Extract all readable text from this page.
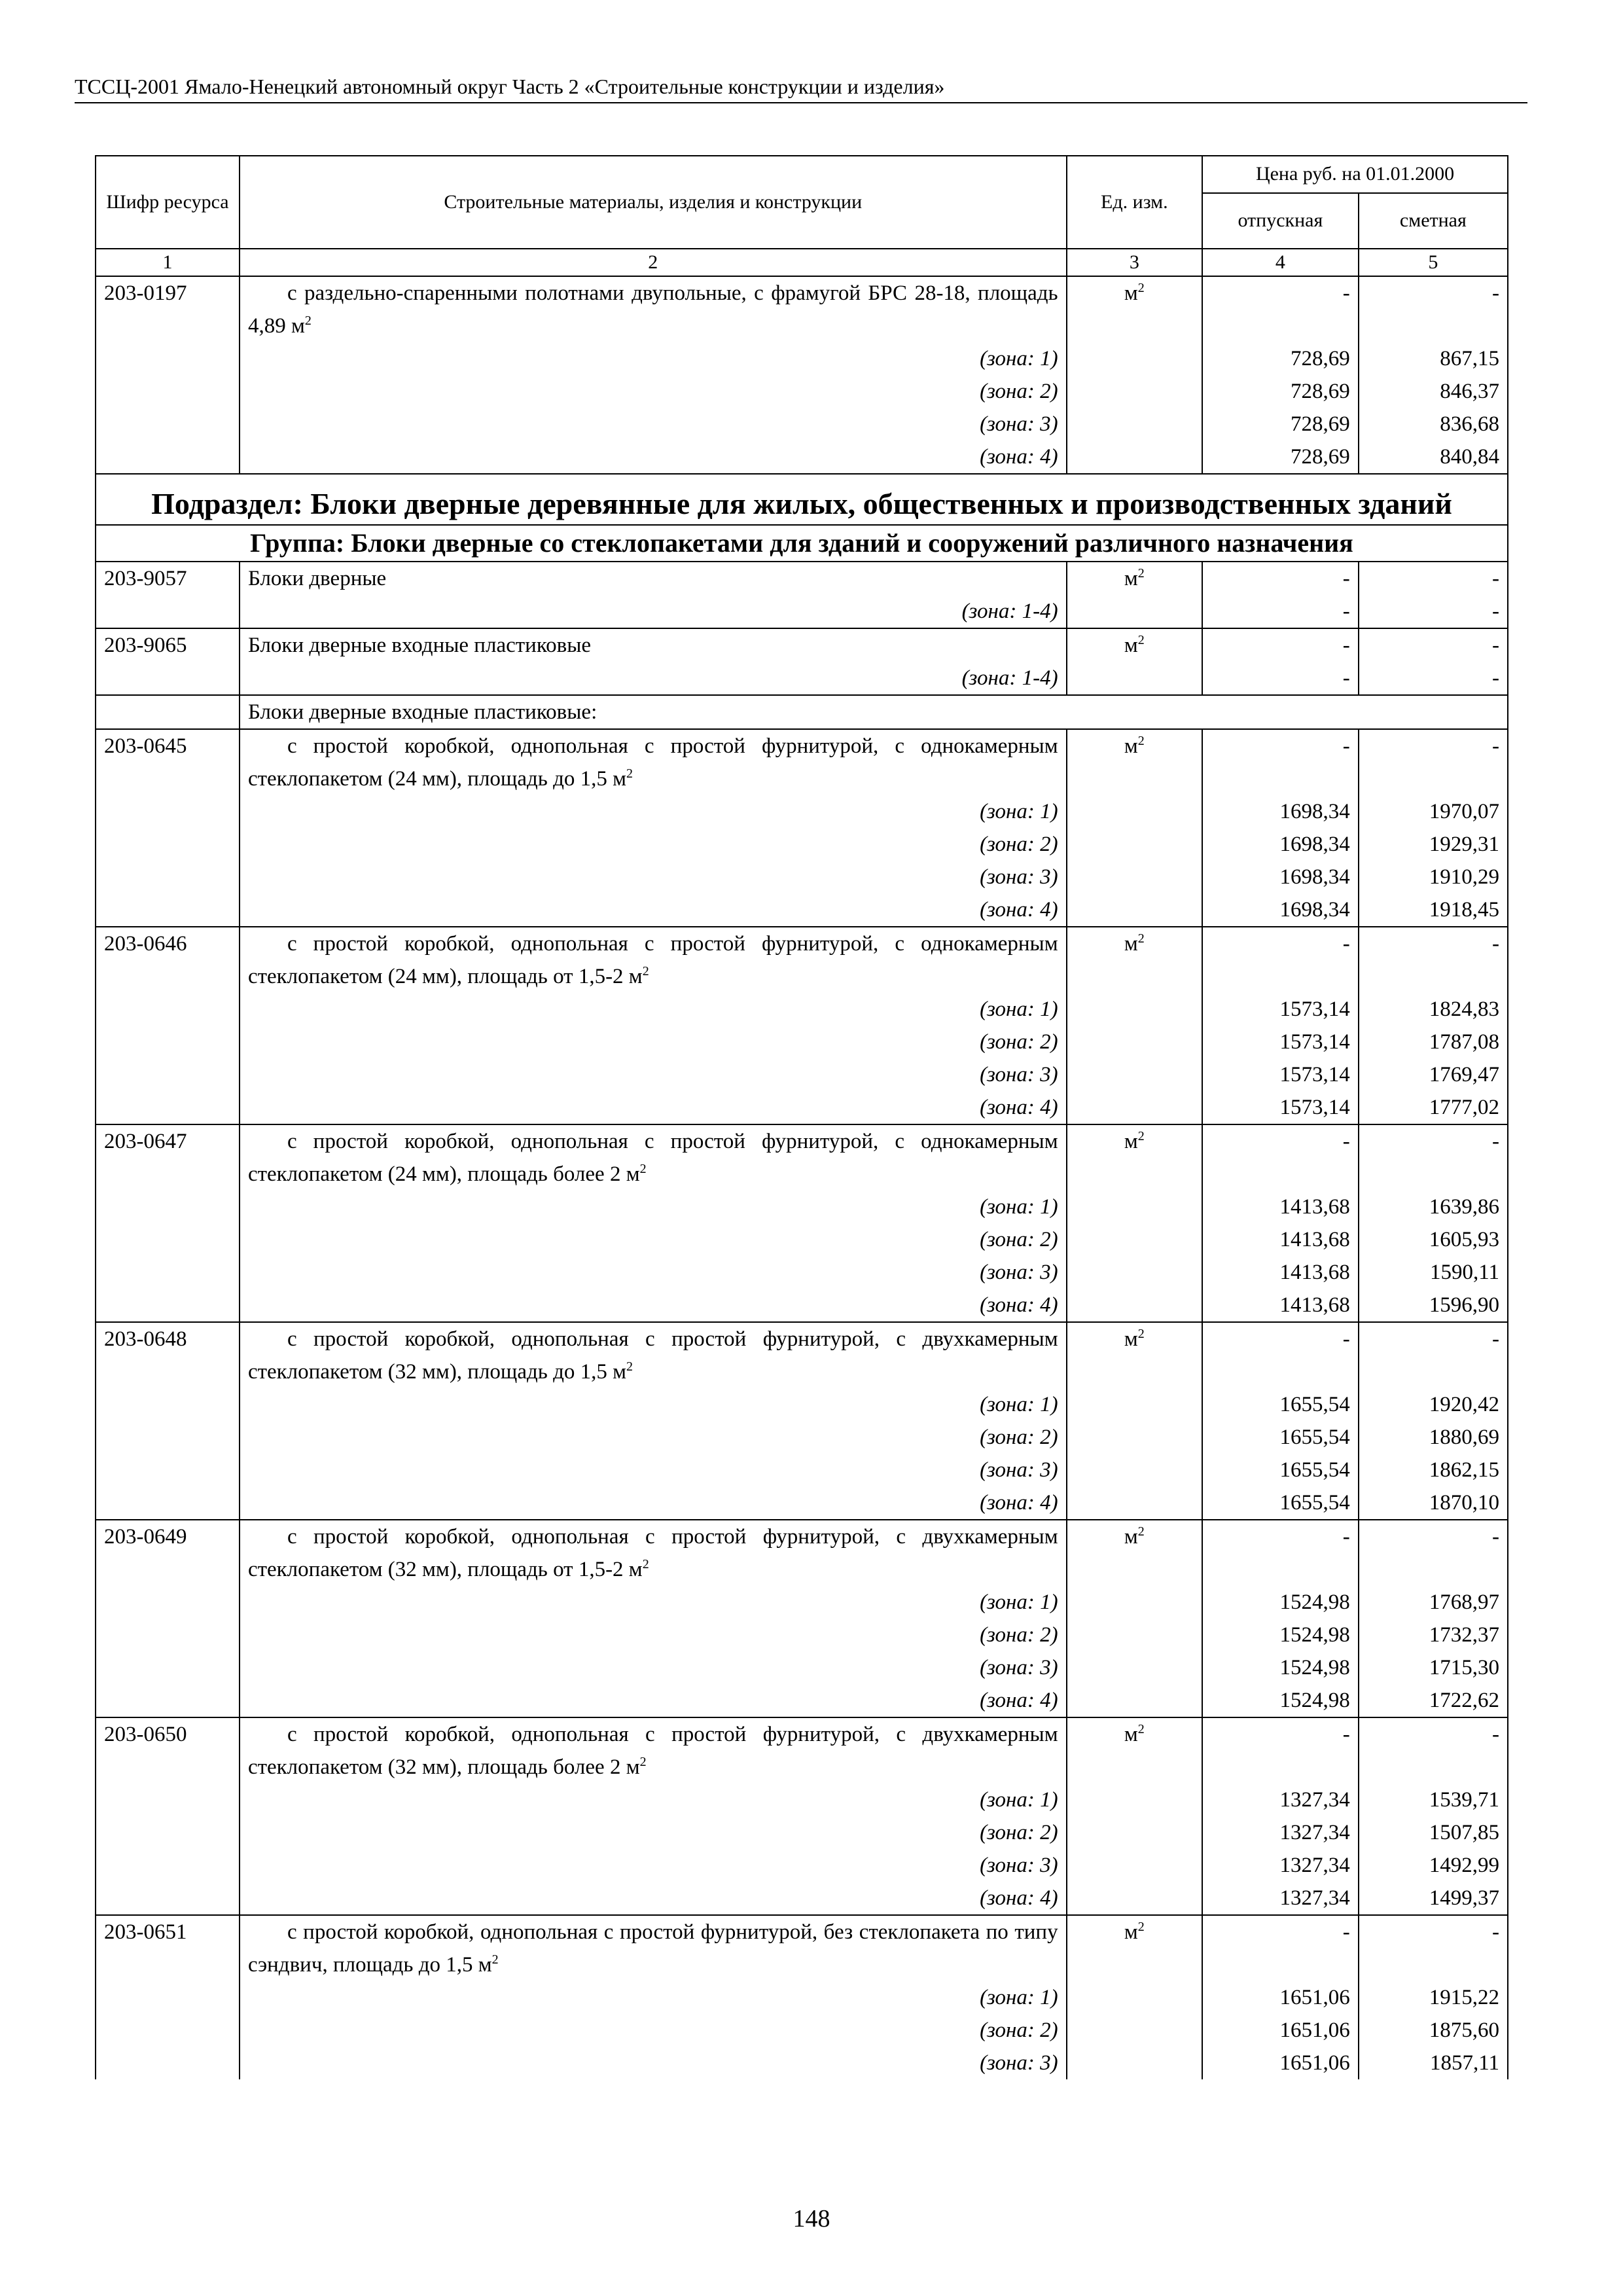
ТССЦ-2001 Ямало-Ненецкий автономный округ Часть 2 «Строительные конструкции и изделия»
Шифр ресурса	Строительные материалы, изделия и конструкции	Ед. изм.	Цена руб. на 01.01.2000	
			отпускная	сметная
1	2	3	4	5
203-0197	с раздельно-спаренными полотнами двупольные, с фрамугой БРС 28-18, площадь 4,89 $м^2$	$м^2$	-	-
	(зона: 1)		728,69	867,15
	(зона: 2)		728,69	846,37
	(зона: 3)		728,69	836,68
	(зона: 4)		728,69	840,84
Подраздел: Блоки дверные деревянные для жилых, общественных и производственных зданий				
Группа: Блоки дверные со стеклопакетами для зданий и сооружений различного назначения				
203-9057	Блоки дверные	$м^2$	-	-
	(зона: 1-4)		-	-
203-9065	Блоки дверные входные пластиковые	$м^2$	-	-
	(зона: 1-4)		-	-
	Блоки дверные входные пластиковые:			
203-0645	с простой коробкой, однопольная с простой фурнитурой, с однокамерным стеклопакетом (24 мм), площадь до 1,5 $м^2$	$м^2$	-	-
	(зона: 1)		1698,34	1970,07
	(зона: 2)		1698,34	1929,31
	(зона: 3)		1698,34	1910,29
	(зона: 4)		1698,34	1918,45
203-0646	с простой коробкой, однопольная с простой фурнитурой, с однокамерным стеклопакетом (24 мм), площадь от 1,5-2 $м^2$	$м^2$	-	-
	(зона: 1)		1573,14	1824,83
	(зона: 2)		1573,14	1787,08
	(зона: 3)		1573,14	1769,47
	(зона: 4)		1573,14	1777,02
203-0647	с простой коробкой, однопольная с простой фурнитурой, с однокамерным стеклопакетом (24 мм), площадь более 2 $м^2$	$м^2$	-	-
	(зона: 1)		1413,68	1639,86
	(зона: 2)		1413,68	1605,93
	(зона: 3)		1413,68	1590,11
	(зона: 4)		1413,68	1596,90
203-0648	с простой коробкой, однопольная с простой фурнитурой, с двухкамерным стеклопакетом (32 мм), площадь до 1,5 $м^2$	$м^2$	-	-
	(зона: 1)		1655,54	1920,42
	(зона: 2)		1655,54	1880,69
	(зона: 3)		1655,54	1862,15
	(зона: 4)		1655,54	1870,10
203-0649	с простой коробкой, однопольная с простой фурнитурой, с двухкамерным стеклопакетом (32 мм), площадь от 1,5-2 $м^2$	$м^2$	-	-
	(зона: 1)		1524,98	1768,97
	(зона: 2)		1524,98	1732,37
	(зона: 3)		1524,98	1715,30
	(зона: 4)		1524,98	1722,62
203-0650	с простой коробкой, однопольная с простой фурнитурой, с двухкамерным стеклопакетом (32 мм), площадь более 2 $м^2$	$м^2$	-	-
	(зона: 1)		1327,34	1539,71
	(зона: 2)		1327,34	1507,85
	(зона: 3)		1327,34	1492,99
	(зона: 4)		1327,34	1499,37
203-0651	с простой коробкой, однопольная с простой фурнитурой, без стеклопакета по типу сэндвич, площадь до 1,5 $м^2$	$м^2$	-	-
	(зона: 1)		1651,06	1915,22
	(зона: 2)		1651,06	1875,60
	(зона: 3)		1651,06	1857,11
148
